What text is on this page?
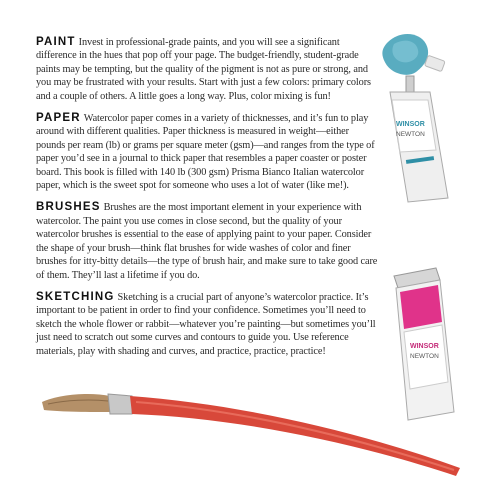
PAINT Invest in professional-grade paints, and you will see a significant difference in the hues that pop off your page. The budget-friendly, student-grade paints may be tempting, but the quality of the pigment is not as pure or strong, and you may be frustrated with your results. Start with just a few colors: primary colors and a couple of others. A little goes a long way. Plus, color mixing is fun!

PAPER Watercolor paper comes in a variety of thicknesses, and it’s fun to play around with different qualities. Paper thickness is measured in weight—either pounds per ream (lb) or grams per square meter (gsm)—and ranges from the type of paper you’d see in a journal to thick paper that resembles a paper coaster or poster board. This book is filled with 140 lb (300 gsm) Prisma Bianco Italian watercolor paper, which is the sweet spot for someone who uses a lot of water (like me!).

BRUSHES Brushes are the most important element in your experience with watercolor. The paint you use comes in close second, but the quality of your watercolor brushes is essential to the ease of applying paint to your paper. Consider the shape of your brush—think flat brushes for wide washes of color and finer brushes for itty-bitty details—the type of brush hair, and make sure to take good care of them. They’ll last a lifetime if you do.

SKETCHING Sketching is a crucial part of anyone’s watercolor practice. It’s important to be patient in order to find your confidence. Sometimes you’ll need to sketch the whole flower or rabbit—whatever you’re painting—but sometimes you’ll just need to scratch out some curves and contours to guide you. Use reference materials, play with shading and curves, and practice, practice, practice!

WINSOR
NEWTON
WINSOR
NEWTON
